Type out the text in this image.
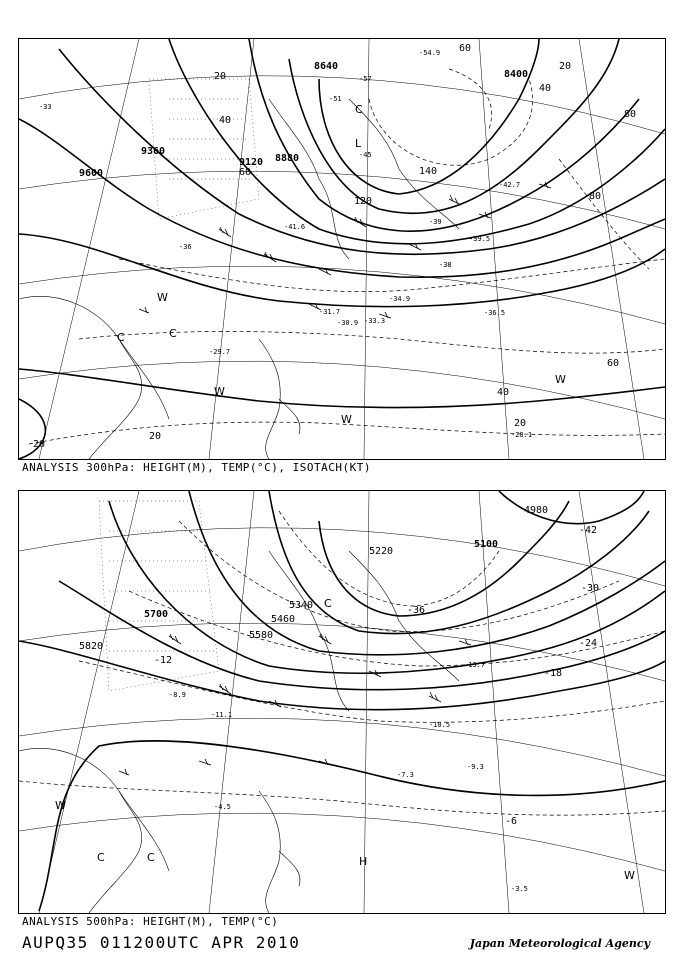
9600
9360
9120 8880
8640
8400
20
40
60
80
120
140
20
40
60
80
60
40
20
20
20
-33
-36
-38
-41.6
-45
-51
-57
-39
-34.9
-36.5
-30.9
-29.7
-28.1
-31.7
-33.3
-39.5
-42.7
-54.9
W
C	C
W
W
W
C
L
ANALYSIS 300hPa: HEIGHT(M), TEMP(°C), ISOTACH(KT)
5820
5700
5580
5460
5340
5220
5100
4980
-12
-18
-24
-30
-36
-42
-6
-9.3
-7.3
-4.5
-3.5
-8.9
-11.1
-13.7
-10.5
W
C	C	H
W
C
ANALYSIS 500hPa: HEIGHT(M), TEMP(°C)
AUPQ35 011200UTC APR 2010	Japan Meteorological Agency
